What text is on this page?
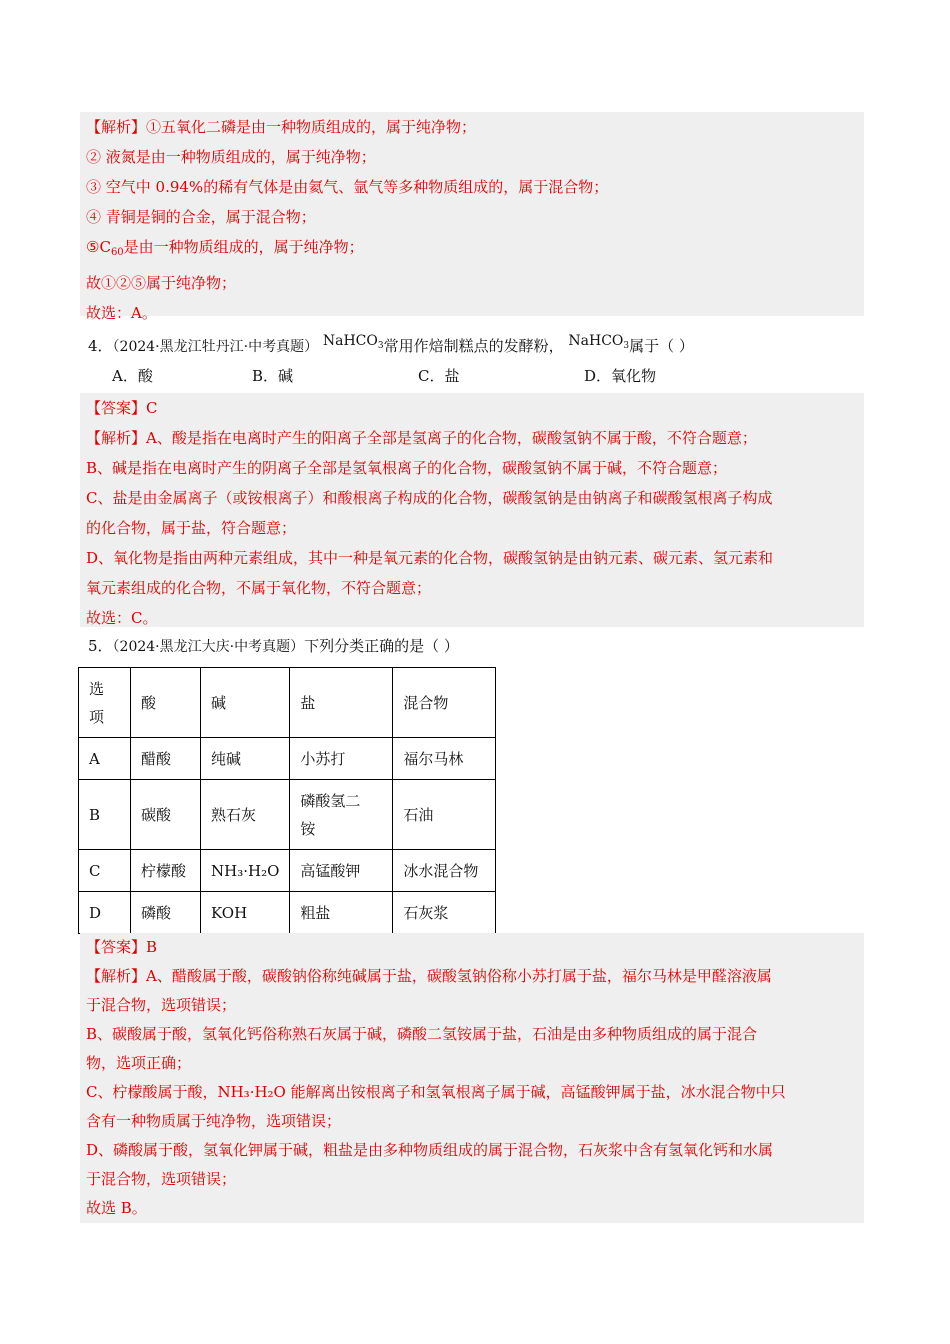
【解析】①五氧化二磷是由一种物质组成的，属于纯净物；
② 液氮是由一种物质组成的，属于纯净物；
③ 空气中 0.94%的稀有气体是由氦气、氩气等多种物质组成的，属于混合物；
④ 青铜是铜的合金，属于混合物；
$⑤C_{60}$是由一种物质组成的，属于纯净物；
故①②⑤属于纯净物；
故选：A。
4．（2024·黑龙江牡丹江·中考真题） NaHCO$_3$常用作焙制糕点的发酵粉， NaHCO$_3$属于（ ）
A．酸	B．碱	C．盐	D．氧化物
【答案】C
【解析】A、酸是指在电离时产生的阳离子全部是氢离子的化合物，碳酸氢钠不属于酸，不符合题意；
B、碱是指在电离时产生的阴离子全部是氢氧根离子的化合物，碳酸氢钠不属于碱，不符合题意；
C、盐是由金属离子（或铵根离子）和酸根离子构成的化合物，碳酸氢钠是由钠离子和碳酸氢根离子构成
的化合物，属于盐，符合题意；
D、氧化物是指由两种元素组成，其中一种是氧元素的化合物，碳酸氢钠是由钠元素、碳元素、氢元素和
氧元素组成的化合物，不属于氧化物，不符合题意；
故选：C。
5．（2024·黑龙江大庆·中考真题）下列分类正确的是（ ）
选项	酸	碱	盐	混合物
A	醋酸	纯碱	小苏打	福尔马林
B	碳酸	熟石灰	磷酸氢二铵	石油
C	柠檬酸	NH₃·H₂O	高锰酸钾	冰水混合物
D	磷酸	KOH	粗盐	石灰浆
【答案】B
【解析】A、醋酸属于酸，碳酸钠俗称纯碱属于盐，碳酸氢钠俗称小苏打属于盐，福尔马林是甲醛溶液属
于混合物，选项错误；
B、碳酸属于酸，氢氧化钙俗称熟石灰属于碱，磷酸二氢铵属于盐，石油是由多种物质组成的属于混合
物，选项正确；
C、柠檬酸属于酸，NH₃·H₂O 能解离出铵根离子和氢氧根离子属于碱，高锰酸钾属于盐，冰水混合物中只
含有一种物质属于纯净物，选项错误；
D、磷酸属于酸，氢氧化钾属于碱，粗盐是由多种物质组成的属于混合物，石灰浆中含有氢氧化钙和水属
于混合物，选项错误；
故选 B。
